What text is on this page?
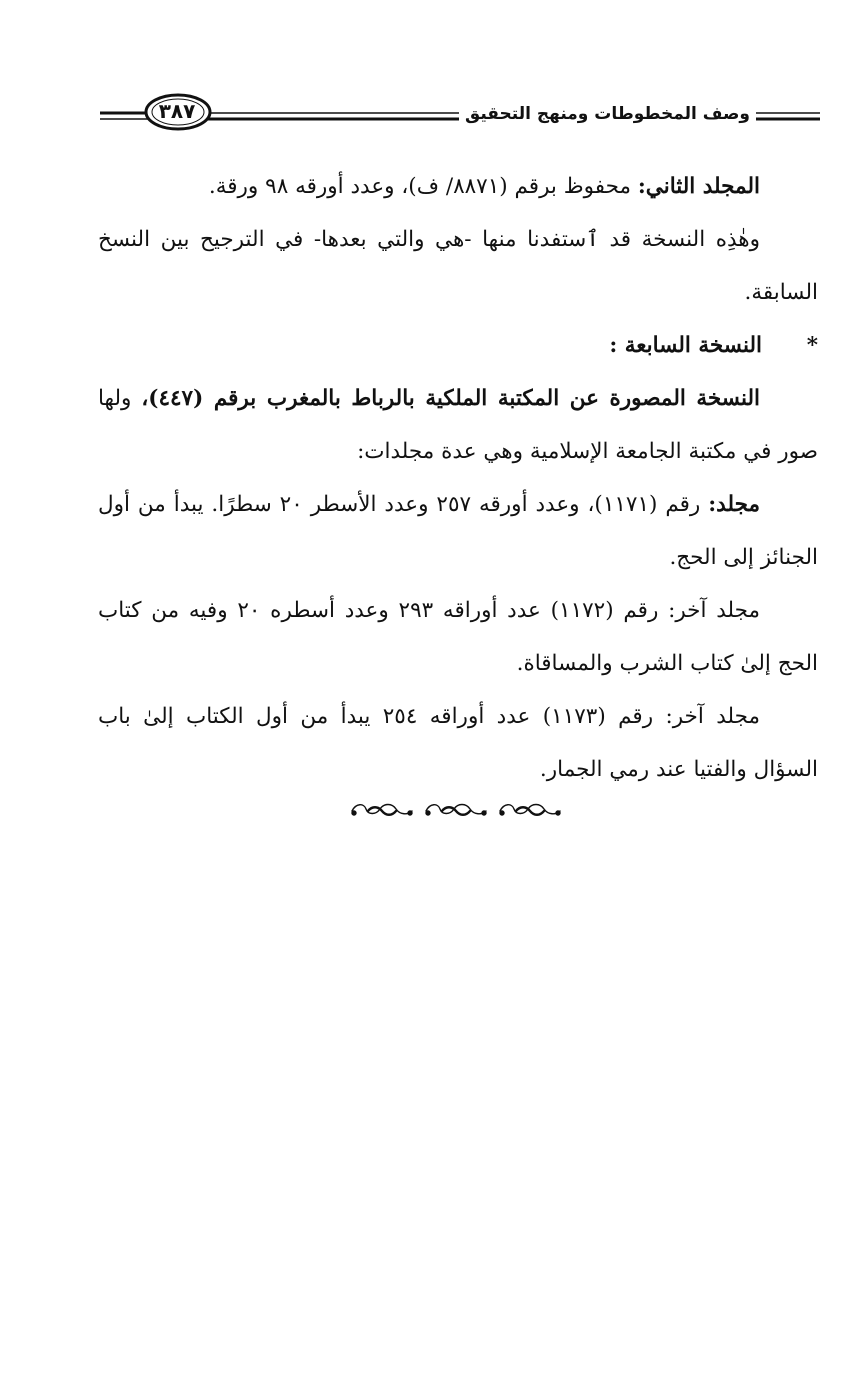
وصف المخطوطات ومنهج التحقيق
٣٨٧

المجلد الثاني: محفوظ برقم (٨٨٧١/ ف)، وعدد أورقه ٩٨ ورقة.

وهٰذِه النسخة قد ٱستفدنا منها -هي والتي بعدها- في الترجيح بين النسخ السابقة.

*النسخة السابعة :

النسخة المصورة عن المكتبة الملكية بالرباط بالمغرب برقم (٤٤٧)، ولها صور في مكتبة الجامعة الإسلامية وهي عدة مجلدات:

مجلد: رقم (١١٧١)، وعدد أورقه ٢٥٧ وعدد الأسطر ٢٠ سطرًا. يبدأ من أول الجنائز إلى الحج.

مجلد آخر: رقم (١١٧٢) عدد أوراقه ٢٩٣ وعدد أسطره ٢٠ وفيه من كتاب الحج إلىٰ كتاب الشرب والمساقاة.

مجلد آخر: رقم (١١٧٣) عدد أوراقه ٢٥٤ يبدأ من أول الكتاب إلىٰ باب السؤال والفتيا عند رمي الجمار.
